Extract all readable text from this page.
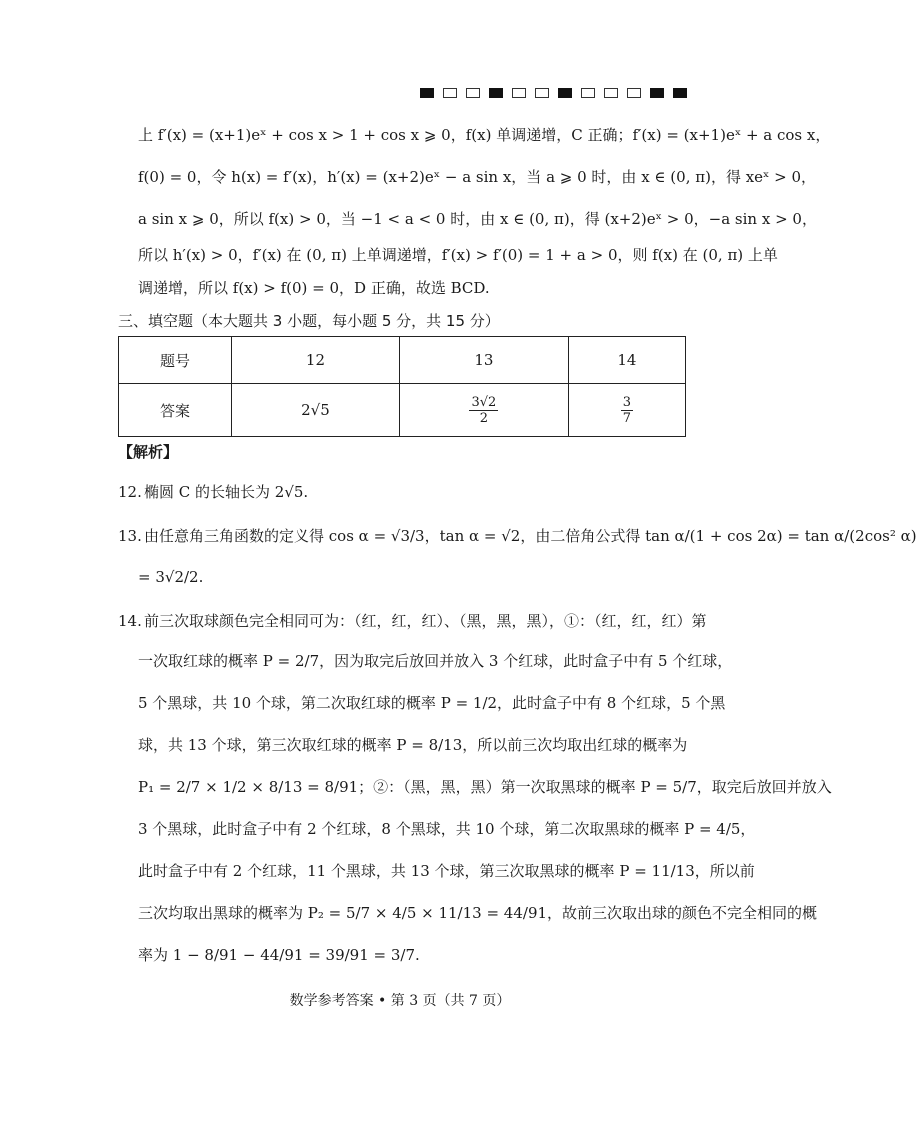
上 f′(x) = (x+1)eˣ + cos x > 1 + cos x ⩾ 0，f(x) 单调递增，C 正确；f′(x) = (x+1)eˣ + a cos x，
f(0) = 0，令 h(x) = f′(x)，h′(x) = (x+2)eˣ − a sin x，当 a ⩾ 0 时，由 x ∈ (0, π)，得 xeˣ > 0，
a sin x ⩾ 0，所以 f(x) > 0，当 −1 < a < 0 时，由 x ∈ (0, π)，得 (x+2)eˣ > 0，−a sin x > 0，
所以 h′(x) > 0，f′(x) 在 (0, π) 上单调递增，f′(x) > f′(0) = 1 + a > 0，则 f(x) 在 (0, π) 上单
调递增，所以 f(x) > f(0) = 0，D 正确，故选 BCD.
三、填空题（本大题共 3 小题，每小题 5 分，共 15 分）
题号	12	13	14
答案	2√5	$\frac{3√2}{2}$	$\frac{3}{7}$
【解析】
12. 椭圆 C 的长轴长为 2√5.
13. 由任意角三角函数的定义得 cos α = √3/3，tan α = √2，由二倍角公式得 tan α/(1 + cos 2α) = tan α/(2cos² α)
= 3√2/2.
14. 前三次取球颜色完全相同可为：（红，红，红）、（黑，黑，黑），①：（红，红，红）第
一次取红球的概率 P = 2/7，因为取完后放回并放入 3 个红球，此时盒子中有 5 个红球，
5 个黑球，共 10 个球，第二次取红球的概率 P = 1/2，此时盒子中有 8 个红球，5 个黑
球，共 13 个球，第三次取红球的概率 P = 8/13，所以前三次均取出红球的概率为
P₁ = 2/7 × 1/2 × 8/13 = 8/91；②：（黑，黑，黑）第一次取黑球的概率 P = 5/7，取完后放回并放入
3 个黑球，此时盒子中有 2 个红球，8 个黑球，共 10 个球，第二次取黑球的概率 P = 4/5，
此时盒子中有 2 个红球，11 个黑球，共 13 个球，第三次取黑球的概率 P = 11/13，所以前
三次均取出黑球的概率为 P₂ = 5/7 × 4/5 × 11/13 = 44/91，故前三次取出球的颜色不完全相同的概
率为 1 − 8/91 − 44/91 = 39/91 = 3/7.
数学参考答案 • 第 3 页（共 7 页）
